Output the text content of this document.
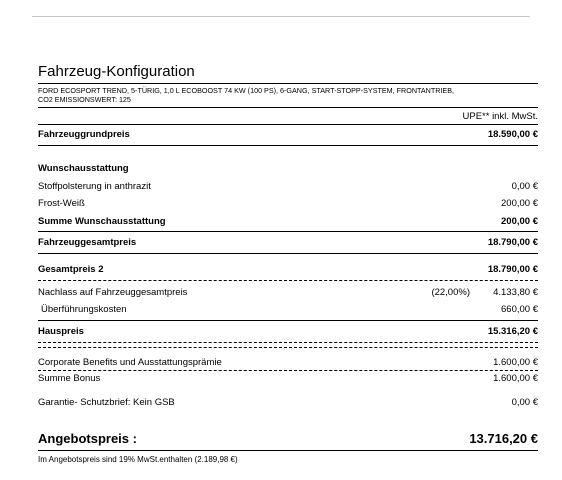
Fahrzeug-Konfiguration
FORD ECOSPORT TREND, 5-TÜRIG, 1,0 L ECOBOOST 74 KW (100 PS), 6-GANG, START-STOPP-SYSTEM, FRONTANTRIEB,
CO2 EMISSIONSWERT: 125
UPE** inkl. MwSt.
Fahrzeuggrundpreis	18.590,00 €
Wunschausstattung
Stoffpolsterung in anthrazit	0,00 €
Frost-Weiß	200,00 €
Summe Wunschausstattung	200,00 €
Fahrzeuggesamtpreis	18.790,00 €
Gesamtpreis 2	18.790,00 €
Nachlass auf Fahrzeuggesamtpreis	(22,00%) 4.133,80 €
Überführungskosten	660,00 €
Hauspreis	15.316,20 €
Corporate Benefits und Ausstattungsprämie	1.600,00 €
Summe Bonus	1.600,00 €
Garantie- Schutzbrief: Kein GSB	0,00 €
Angebotspreis :	13.716,20 €
Im Angebotspreis sind 19% MwSt.enthalten (2.189,98 €)
